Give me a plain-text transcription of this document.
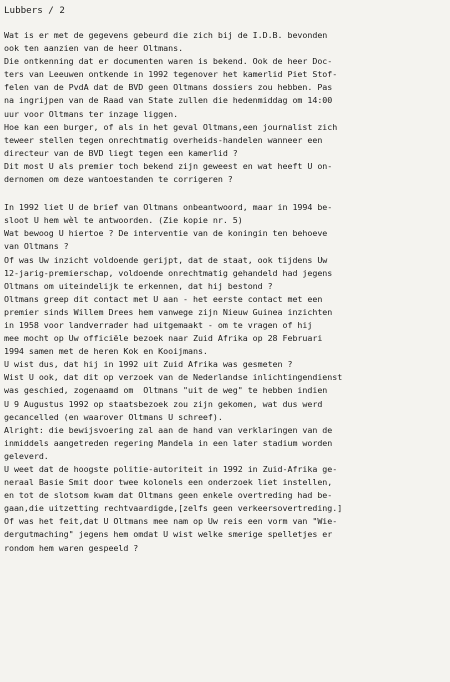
Lubbers / 2
Wat is er met de gegevens gebeurd die zich bij de I.D.B. bevonden
ook ten aanzien van de heer Oltmans.
Die ontkenning dat er documenten waren is bekend. Ook de heer Doc-
ters van Leeuwen ontkende in 1992 tegenover het kamerlid Piet Stof-
felen van de PvdA dat de BVD geen Oltmans dossiers zou hebben. Pas
na ingrijpen van de Raad van State zullen die hedenmiddag om 14:00
uur voor Oltmans ter inzage liggen.
Hoe kan een burger, of als in het geval Oltmans,een journalist zich
teweer stellen tegen onrechtmatig overheids-handelen wanneer een
directeur van de BVD liegt tegen een kamerlid ?
Dit most U als premier toch bekend zijn geweest en wat heeft U on-
dernomen om deze wantoestanden te corrigeren ?
In 1992 liet U de brief van Oltmans onbeantwoord, maar in 1994 be-
sloot U hem wèl te antwoorden. (Zie kopie nr. 5)
Wat bewoog U hiertoe ? De interventie van de koningin ten behoeve
van Oltmans ?
Of was Uw inzicht voldoende gerijpt, dat de staat, ook tijdens Uw
12-jarig-premierschap, voldoende onrechtmatig gehandeld had jegens
Oltmans om uiteindelijk te erkennen, dat hij bestond ?
Oltmans greep dit contact met U aan - het eerste contact met een
premier sinds Willem Drees hem vanwege zijn Nieuw Guinea inzichten
in 1958 voor landverrader had uitgemaakt - om te vragen of hij
mee mocht op Uw officiële bezoek naar Zuid Afrika op 28 Februari
1994 samen met de heren Kok en Kooijmans.
U wist dus, dat hij in 1992 uit Zuid Afrika was gesmeten ?
Wist U ook, dat dit op verzoek van de Nederlandse inlichtingendienst
was geschied, zogenaamd om  Oltmans "uit de weg" te hebben indien
U 9 Augustus 1992 op staatsbezoek zou zijn gekomen, wat dus werd
gecancelled (en waarover Oltmans U schreef).
Alright: die bewijsvoering zal aan de hand van verklaringen van de
inmiddels aangetreden regering Mandela in een later stadium worden
geleverd.
U weet dat de hoogste politie-autoriteit in 1992 in Zuid-Afrika ge-
neraal Basie Smit door twee kolonels een onderzoek liet instellen,
en tot de slotsom kwam dat Oltmans geen enkele overtreding had be-
gaan,die uitzetting rechtvaardigde,[zelfs geen verkeersovertreding.]
Of was het feit,dat U Oltmans mee nam op Uw reis een vorm van "Wie-
dergutmaching" jegens hem omdat U wist welke smerige spelletjes er
rondom hem waren gespeeld ?
